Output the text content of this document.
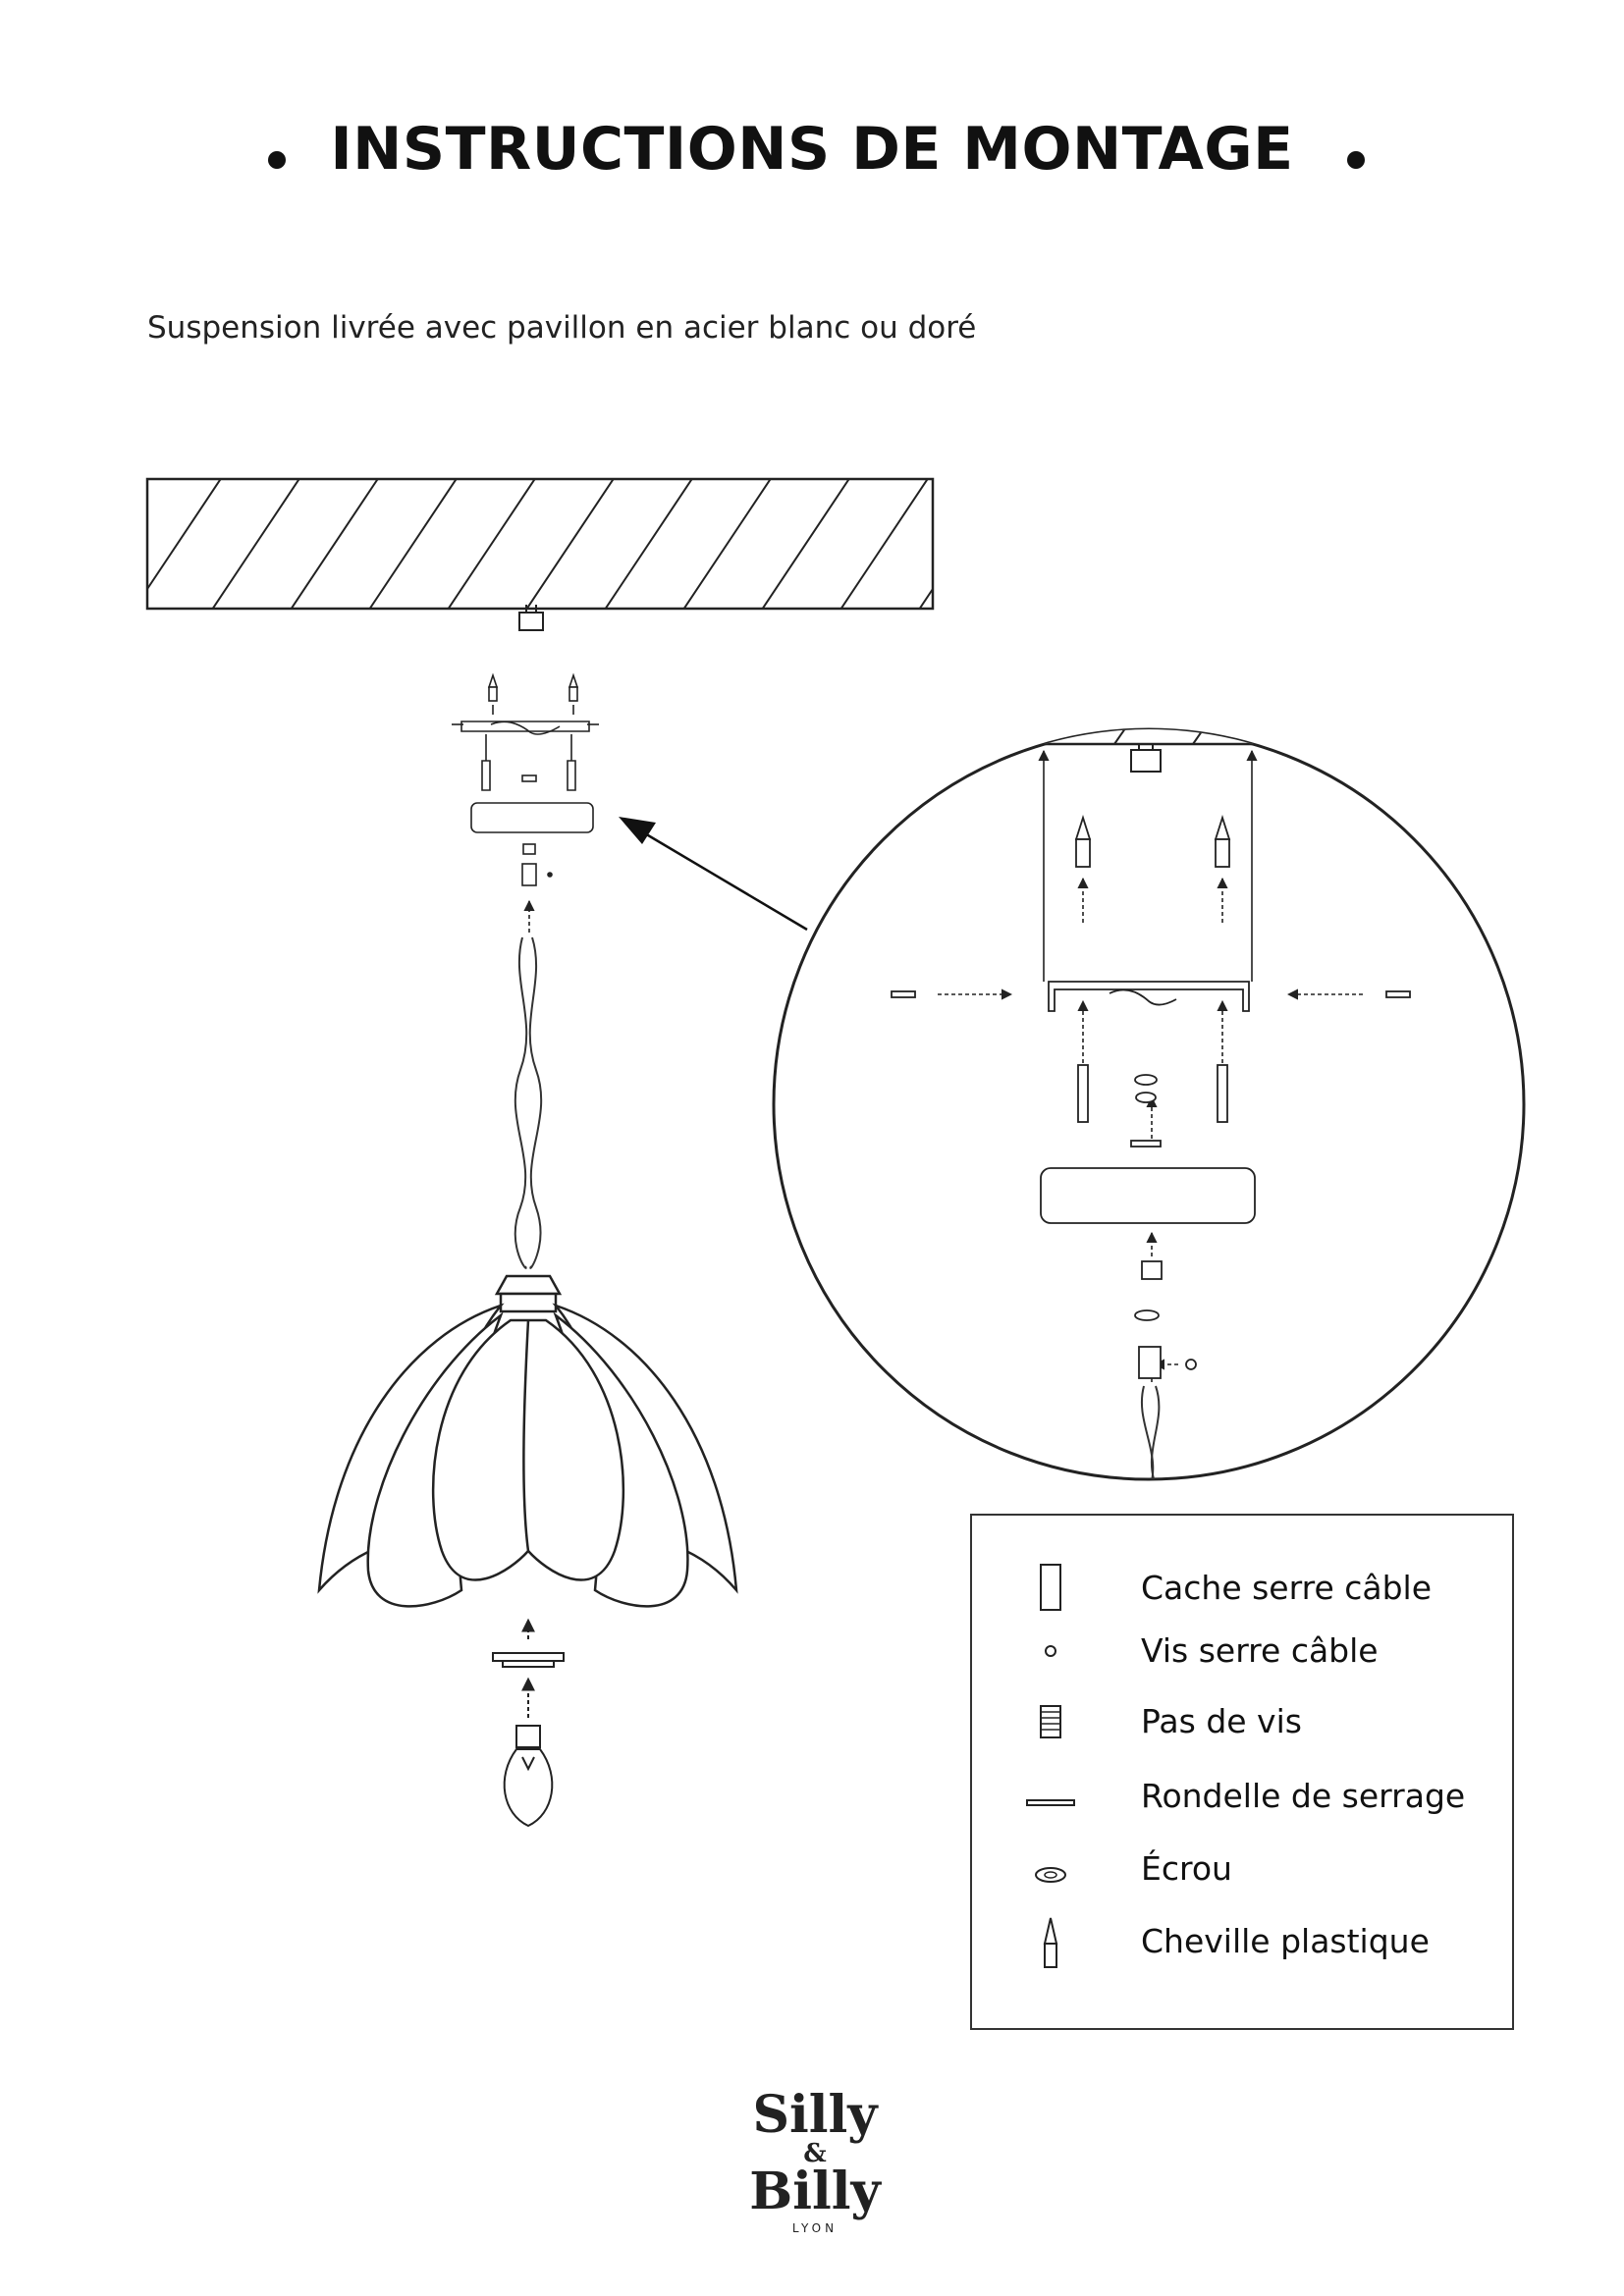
INSTRUCTIONS DE MONTAGE
Suspension livrée avec pavillon en acier blanc ou doré
Cache serre câble
Vis serre câble
Pas de vis
Rondelle de serrage
Écrou
Cheville plastique
Silly
&
Billy
LYON
